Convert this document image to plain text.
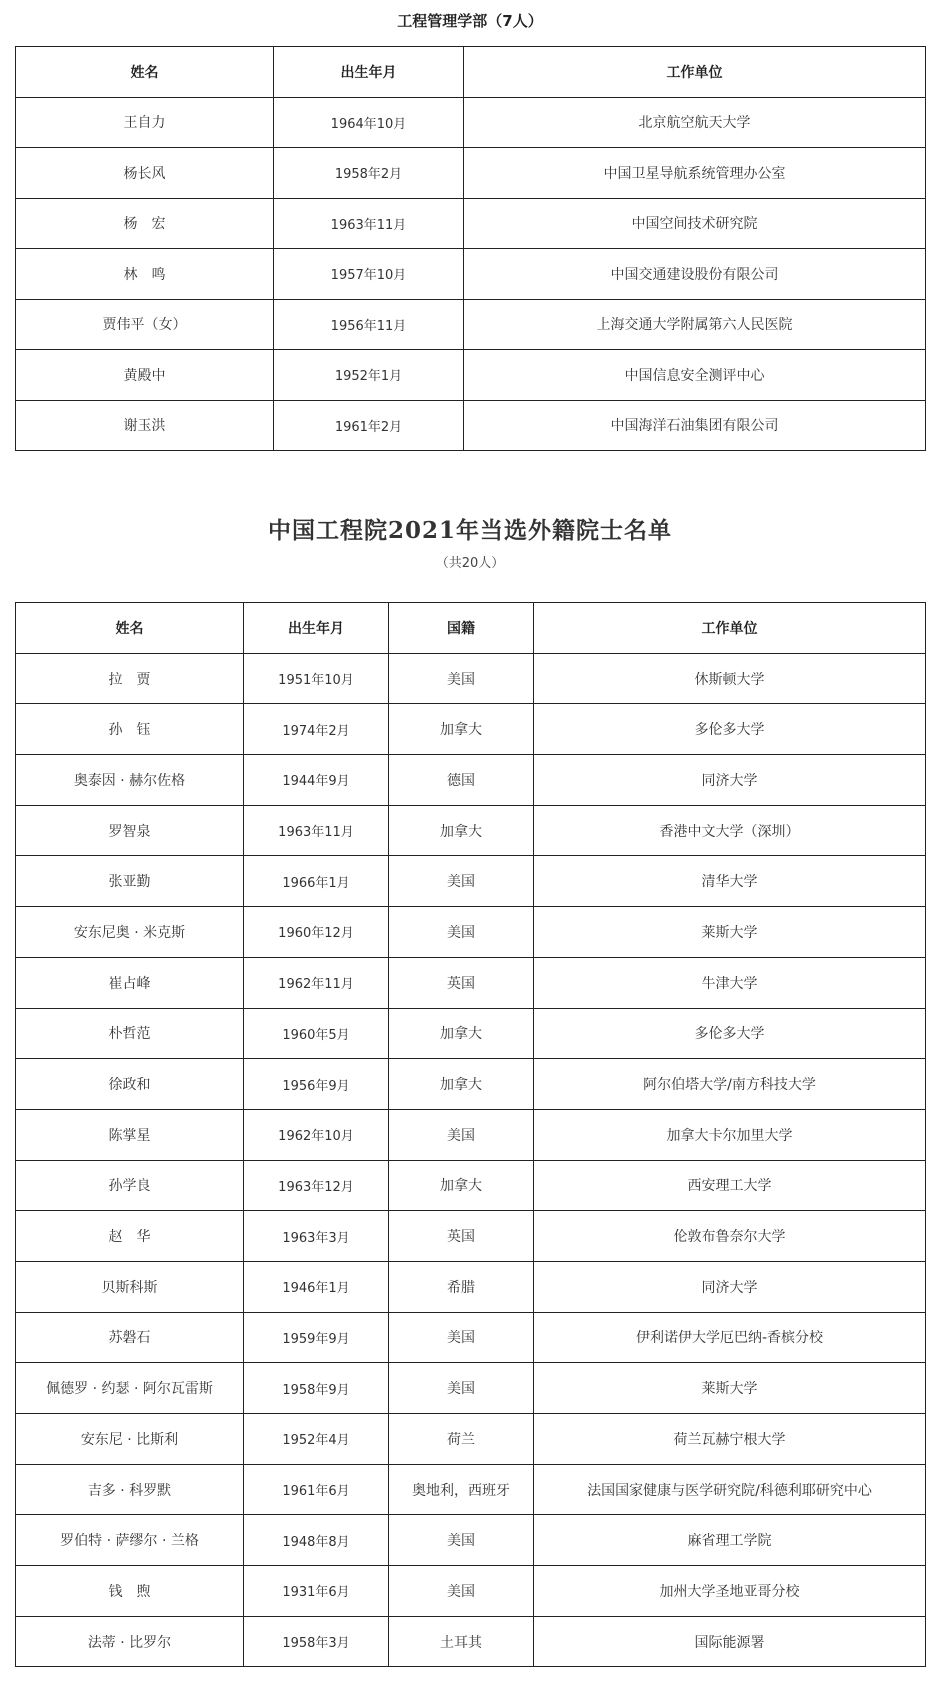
工程管理学部（7人）
姓名	出生年月	工作单位
王自力	1964年10月	北京航空航天大学
杨长风	1958年2月	中国卫星导航系统管理办公室
杨　宏	1963年11月	中国空间技术研究院
林　鸣	1957年10月	中国交通建设股份有限公司
贾伟平（女）	1956年11月	上海交通大学附属第六人民医院
黄殿中	1952年1月	中国信息安全测评中心
谢玉洪	1961年2月	中国海洋石油集团有限公司
中国工程院2021年当选外籍院士名单
（共20人）
姓名	出生年月	国籍	工作单位
拉　贾	1951年10月	美国	休斯顿大学
孙　钰	1974年2月	加拿大	多伦多大学
奥泰因 · 赫尔佐格	1944年9月	德国	同济大学
罗智泉	1963年11月	加拿大	香港中文大学（深圳）
张亚勤	1966年1月	美国	清华大学
安东尼奥 · 米克斯	1960年12月	美国	莱斯大学
崔占峰	1962年11月	英国	牛津大学
朴哲范	1960年5月	加拿大	多伦多大学
徐政和	1956年9月	加拿大	阿尔伯塔大学/南方科技大学
陈掌星	1962年10月	美国	加拿大卡尔加里大学
孙学良	1963年12月	加拿大	西安理工大学
赵　华	1963年3月	英国	伦敦布鲁奈尔大学
贝斯科斯	1946年1月	希腊	同济大学
苏磐石	1959年9月	美国	伊利诺伊大学厄巴纳-香槟分校
佩德罗 · 约瑟 · 阿尔瓦雷斯	1958年9月	美国	莱斯大学
安东尼 · 比斯利	1952年4月	荷兰	荷兰瓦赫宁根大学
吉多 · 科罗默	1961年6月	奥地利，西班牙	法国国家健康与医学研究院/科德利耶研究中心
罗伯特 · 萨缪尔 · 兰格	1948年8月	美国	麻省理工学院
钱　煦	1931年6月	美国	加州大学圣地亚哥分校
法蒂 · 比罗尔	1958年3月	土耳其	国际能源署
